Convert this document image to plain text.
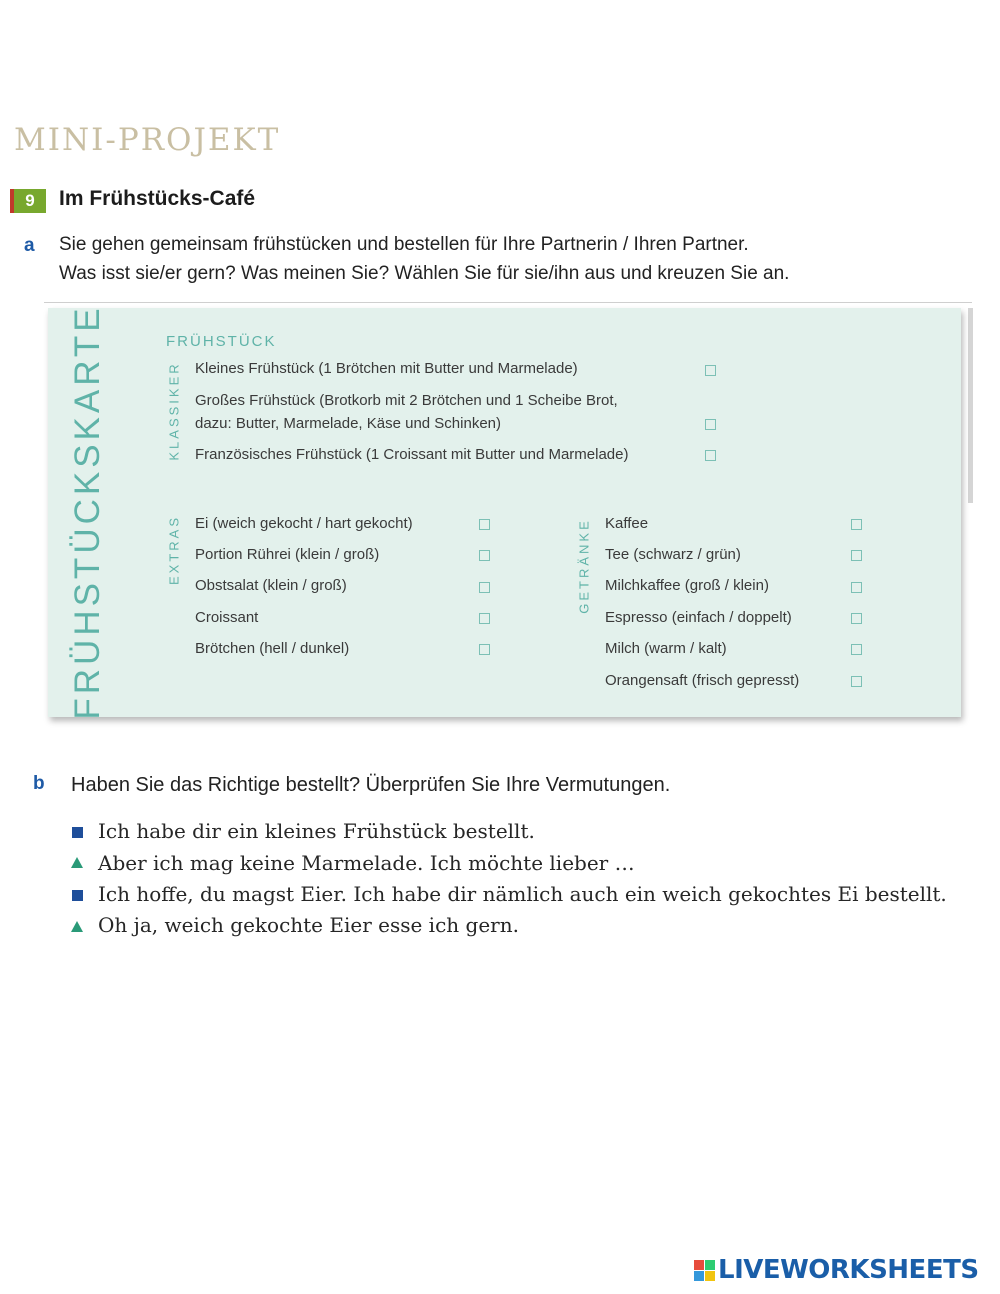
MINI-PROJEKT
9	Im Frühstücks-Café
a Sie gehen gemeinsam frühstücken und bestellen für Ihre Partnerin / Ihren Partner.
Was isst sie/er gern? Was meinen Sie? Wählen Sie für sie/ihn aus und kreuzen Sie an.
FRÜHSTÜCKSKARTE	FRÜHSTÜCK
KLASSIKER
EXTRAS	GETRÄNKE
Kleines Frühstück (1 Brötchen mit Butter und Marmelade)
Großes Frühstück (Brotkorb mit 2 Brötchen und 1 Scheibe Brot,
dazu: Butter, Marmelade, Käse und Schinken)
Französisches Frühstück (1 Croissant mit Butter und Marmelade)
Ei (weich gekocht / hart gekocht)
Portion Rührei (klein / groß)
Obstsalat (klein / groß)
Croissant
Brötchen (hell / dunkel)
Kaffee
Tee (schwarz / grün)
Milchkaffee (groß / klein)
Espresso (einfach / doppelt)
Milch (warm / kalt)
Orangensaft (frisch gepresst)
b Haben Sie das Richtige bestellt? Überprüfen Sie Ihre Vermutungen.
Ich habe dir ein kleines Frühstück bestellt.
Aber ich mag keine Marmelade. Ich möchte lieber …
Ich hoffe, du magst Eier. Ich habe dir nämlich auch ein weich gekochtes Ei bestellt.
Oh ja, weich gekochte Eier esse ich gern.
LIVEWORKSHEETS
